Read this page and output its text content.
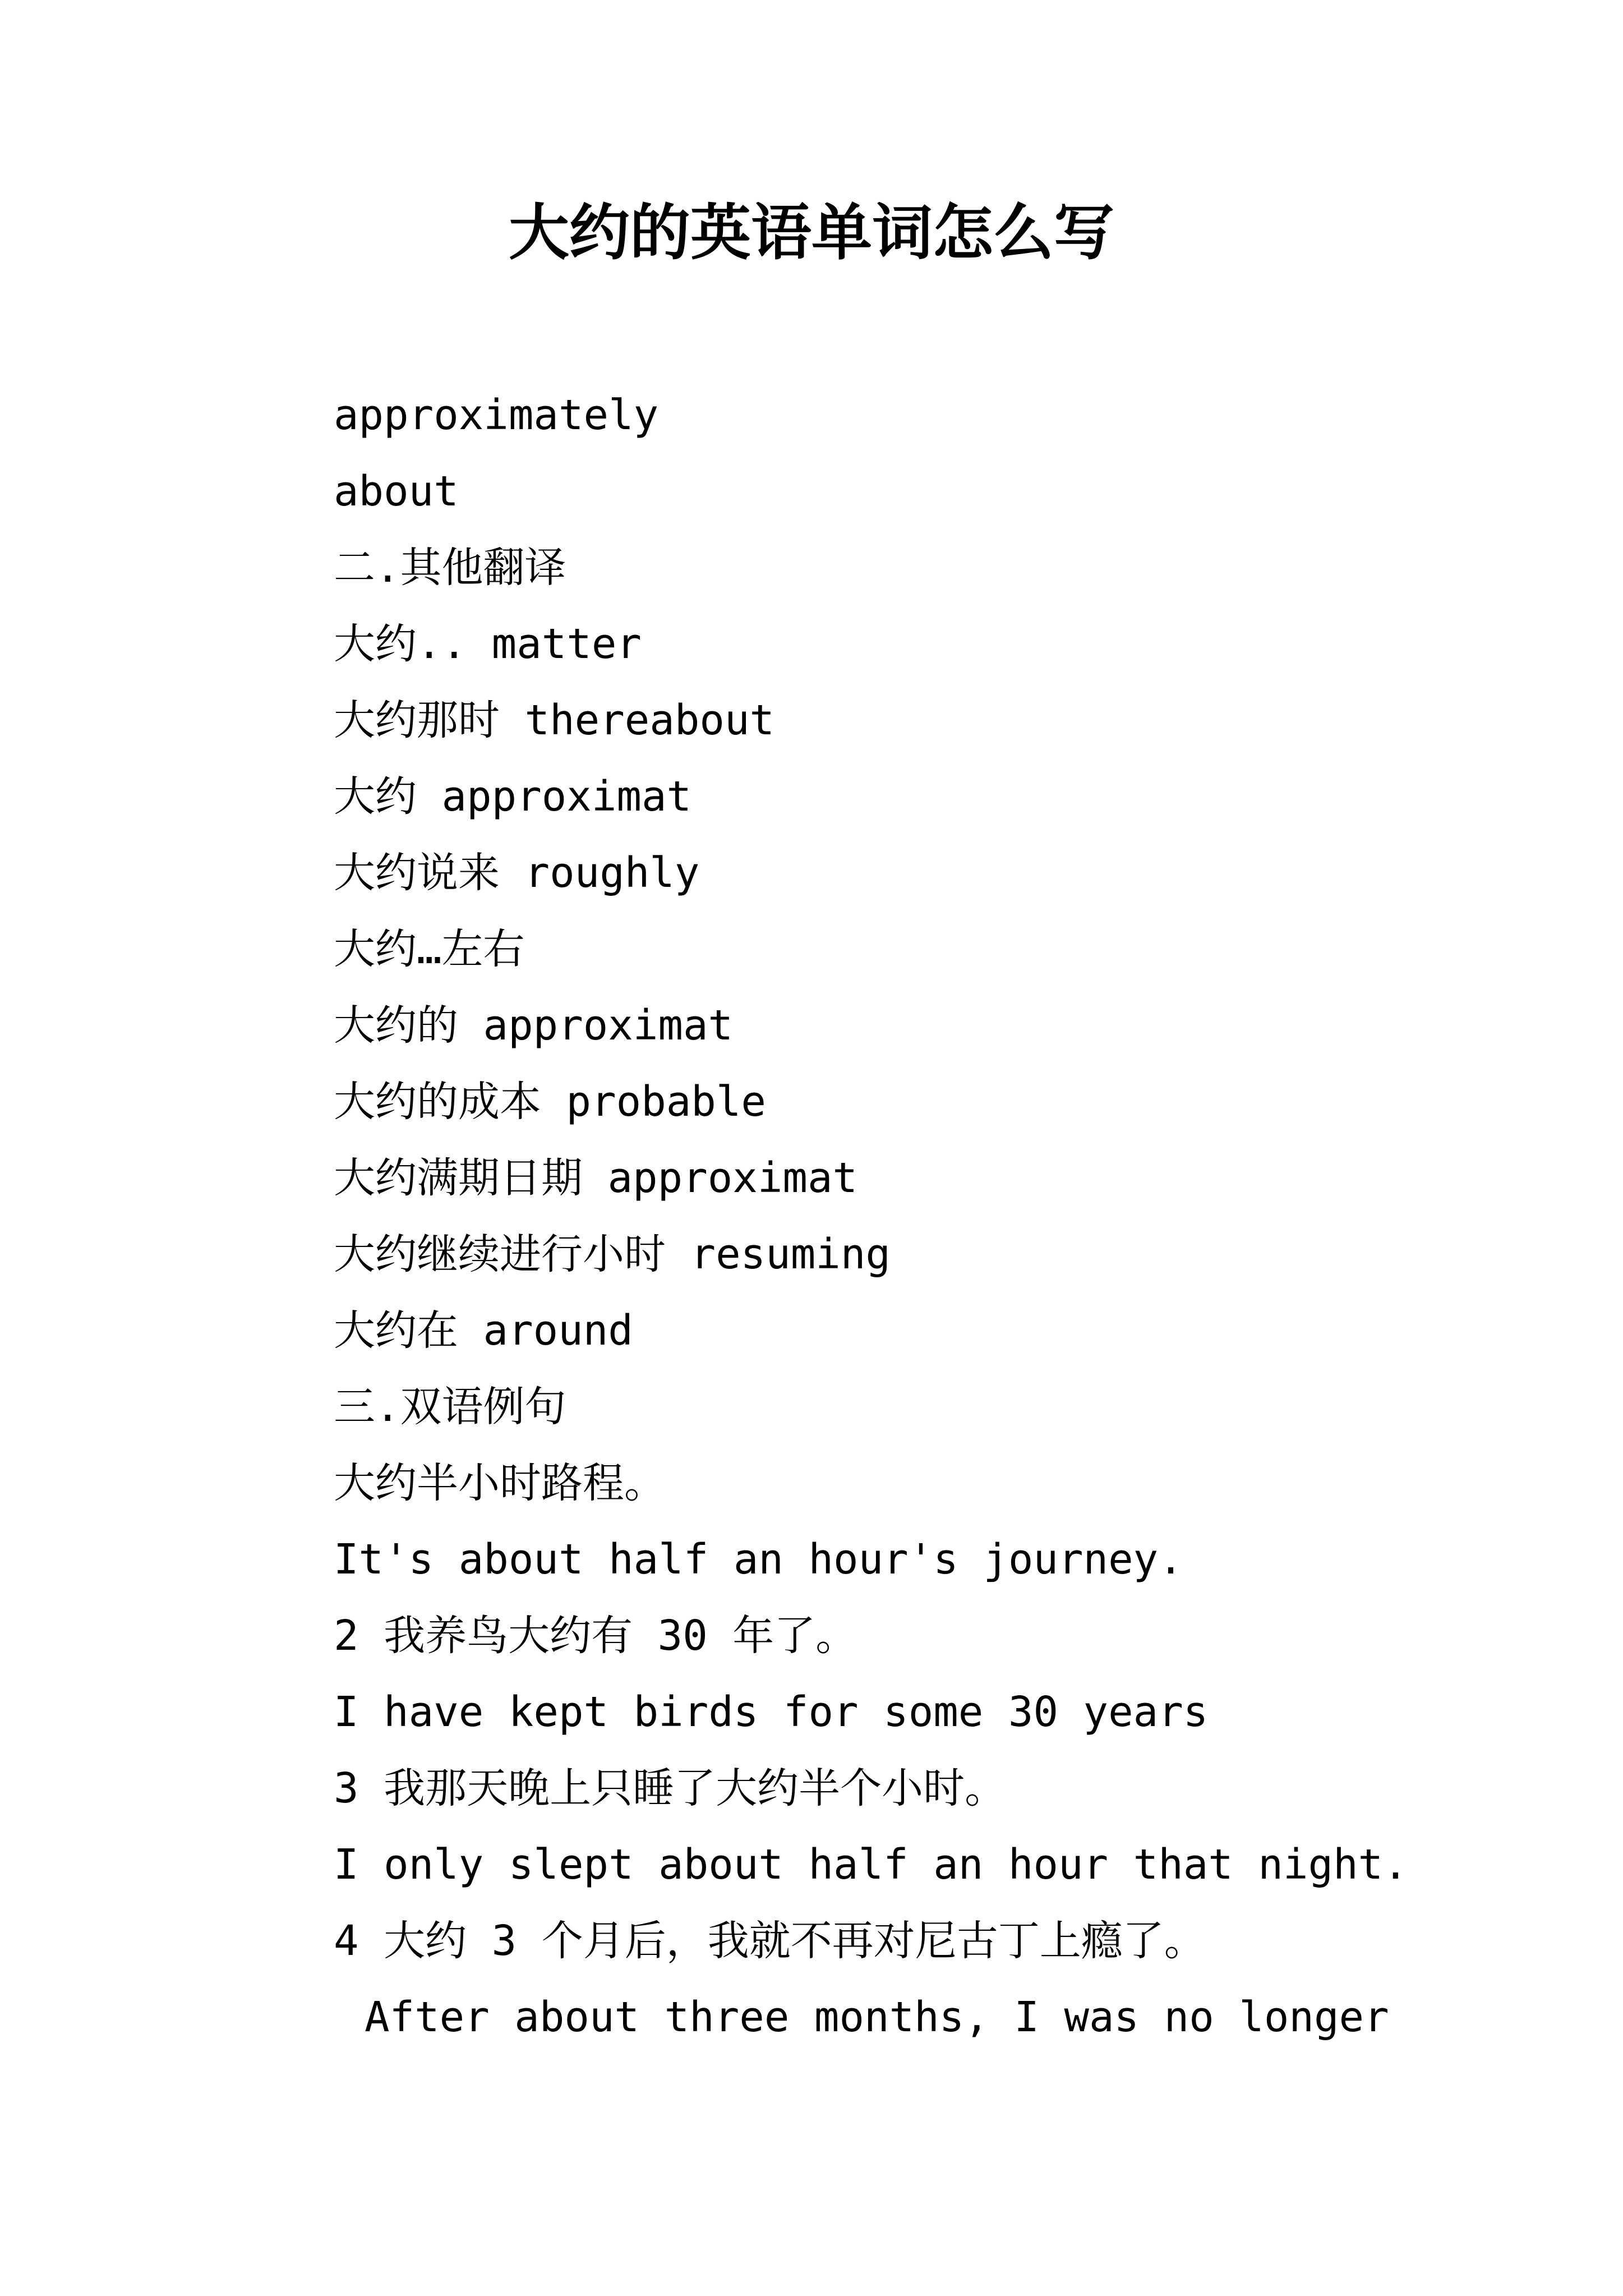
大约的英语单词怎么写

approximately

about

二.其他翻译

大约.. matter

大约那时 thereabout

大约 approximat

大约说来 roughly

大约…左右

大约的 approximat

大约的成本 probable

大约满期日期 approximat

大约继续进行小时 resuming

大约在 around

三.双语例句

大约半小时路程。

It's about half an hour's journey.

2 我养鸟大约有 30 年了。

I have kept birds for some 30 years

3 我那天晚上只睡了大约半个小时。

I only slept about half an hour that night.

4 大约 3 个月后，我就不再对尼古丁上瘾了。

After about three months, I was no longer
